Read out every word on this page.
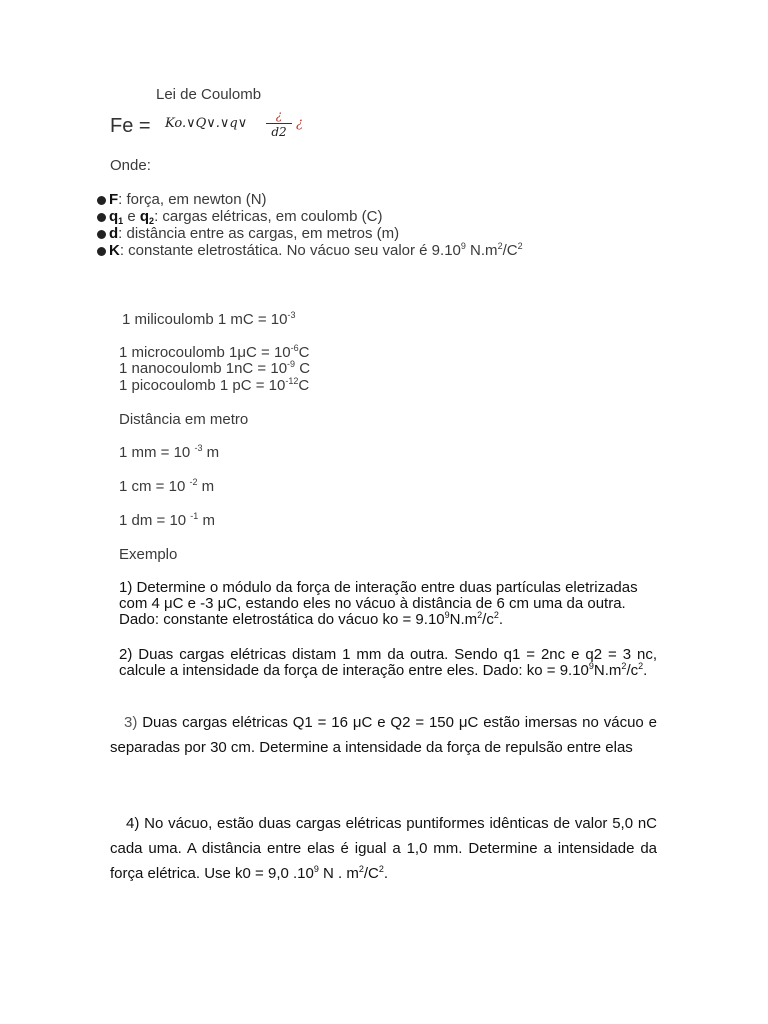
Lei de Coulomb
Fe = Ko.∨Q∨.∨q∨
¿
d2
¿
Onde:
F: força, em newton (N)
$q_1$ e $q_2$: cargas elétricas, em coulomb (C)
d: distância entre as cargas, em metros (m)
K: constante eletrostática. No vácuo seu valor é 9.10$^9$ $N.m^2/C^2$
1 milicoulomb 1 mC = $10^{-3}$
1 microcoulomb $1\mu C = 10^{-6}C$
1 nanocoulomb $1nC = 10^{-9}$ C
1 picocoulomb 1 pC = $10^{-12}C$
Distância em metro
1 mm = 10 $^{-3}$ m
1 cm = 10 $^{-2}$ m
1 dm = 10 $^{-1}$ m
Exemplo
1) Determine o módulo da força de interação entre duas partículas eletrizadas com 4 μC e -3 μC, estando eles no vácuo à distância de 6 cm uma da outra. Dado: constante eletrostática do vácuo ko = $9.10^9N.m^2/c^2$.
2) Duas cargas elétricas distam 1 mm da outra. Sendo q1 = 2nc e q2 = 3 nc, calcule a intensidade da força de interação entre eles. Dado: ko = $9.10^9N.m^2/c^2$.
3) Duas cargas elétricas Q1 = 16 μC e Q2 = 150 μC estão imersas no vácuo e separadas por 30 cm. Determine a intensidade da força de repulsão entre elas
4) No vácuo, estão duas cargas elétricas puntiformes idênticas de valor 5,0 nC cada uma. A distância entre elas é igual a 1,0 mm. Determine a intensidade da força elétrica. Use k0 = 9,0 $.10^9$ N . $m^2/C^2$.
